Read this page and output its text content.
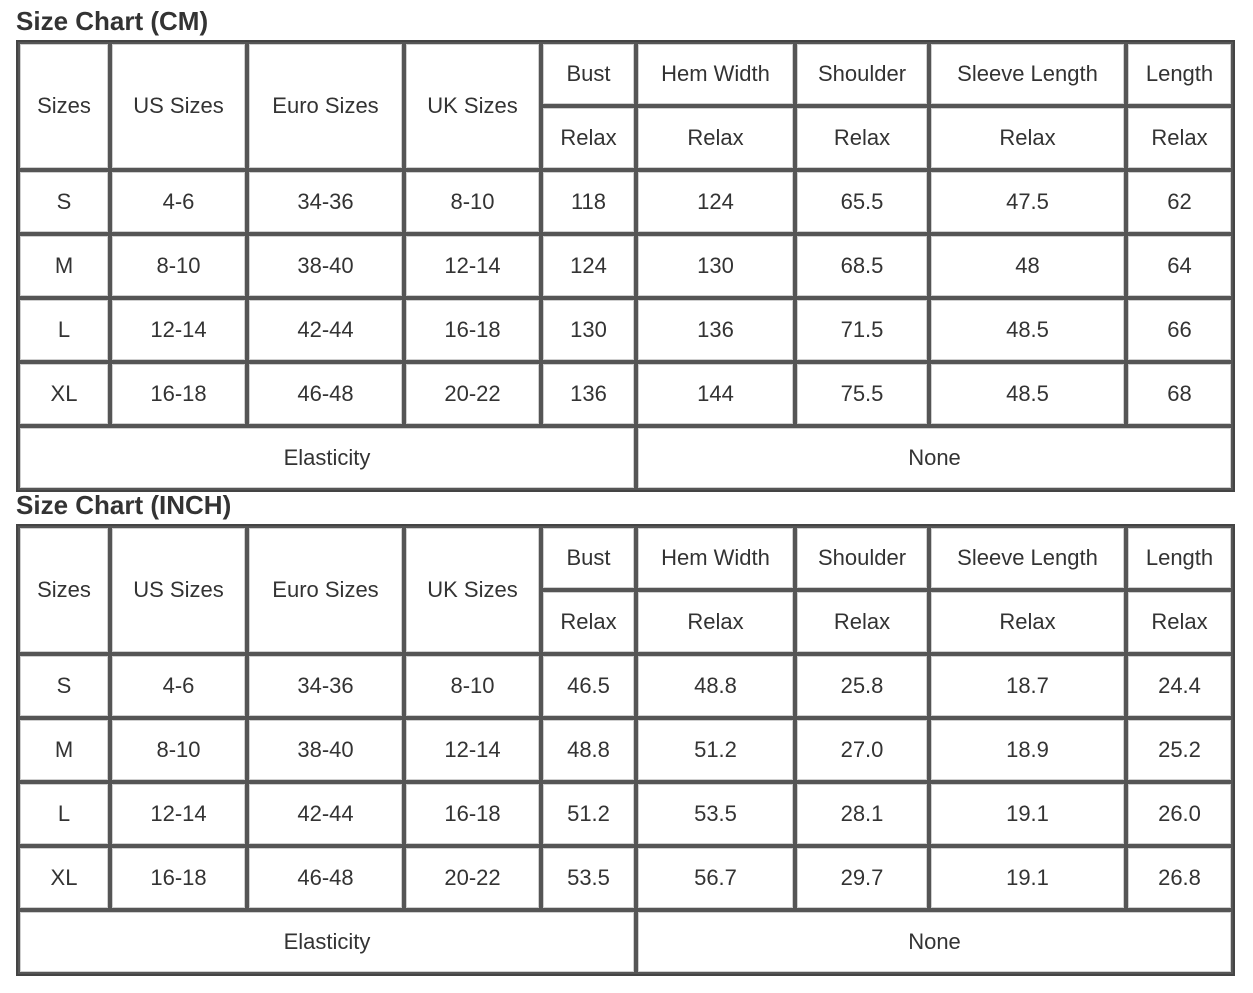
Size Chart (CM)
Sizes	US Sizes	Euro Sizes	UK Sizes	Bust	Hem Width	Shoulder	Sleeve Length	Length
				Relax	Relax	Relax	Relax	Relax
S	4-6	34-36	8-10	118	124	65.5	47.5	62
M	8-10	38-40	12-14	124	130	68.5	48	64
L	12-14	42-44	16-18	130	136	71.5	48.5	66
XL	16-18	46-48	20-22	136	144	75.5	48.5	68
Elasticity					None			
Size Chart (INCH)
Sizes	US Sizes	Euro Sizes	UK Sizes	Bust	Hem Width	Shoulder	Sleeve Length	Length
				Relax	Relax	Relax	Relax	Relax
S	4-6	34-36	8-10	46.5	48.8	25.8	18.7	24.4
M	8-10	38-40	12-14	48.8	51.2	27.0	18.9	25.2
L	12-14	42-44	16-18	51.2	53.5	28.1	19.1	26.0
XL	16-18	46-48	20-22	53.5	56.7	29.7	19.1	26.8
Elasticity					None			
